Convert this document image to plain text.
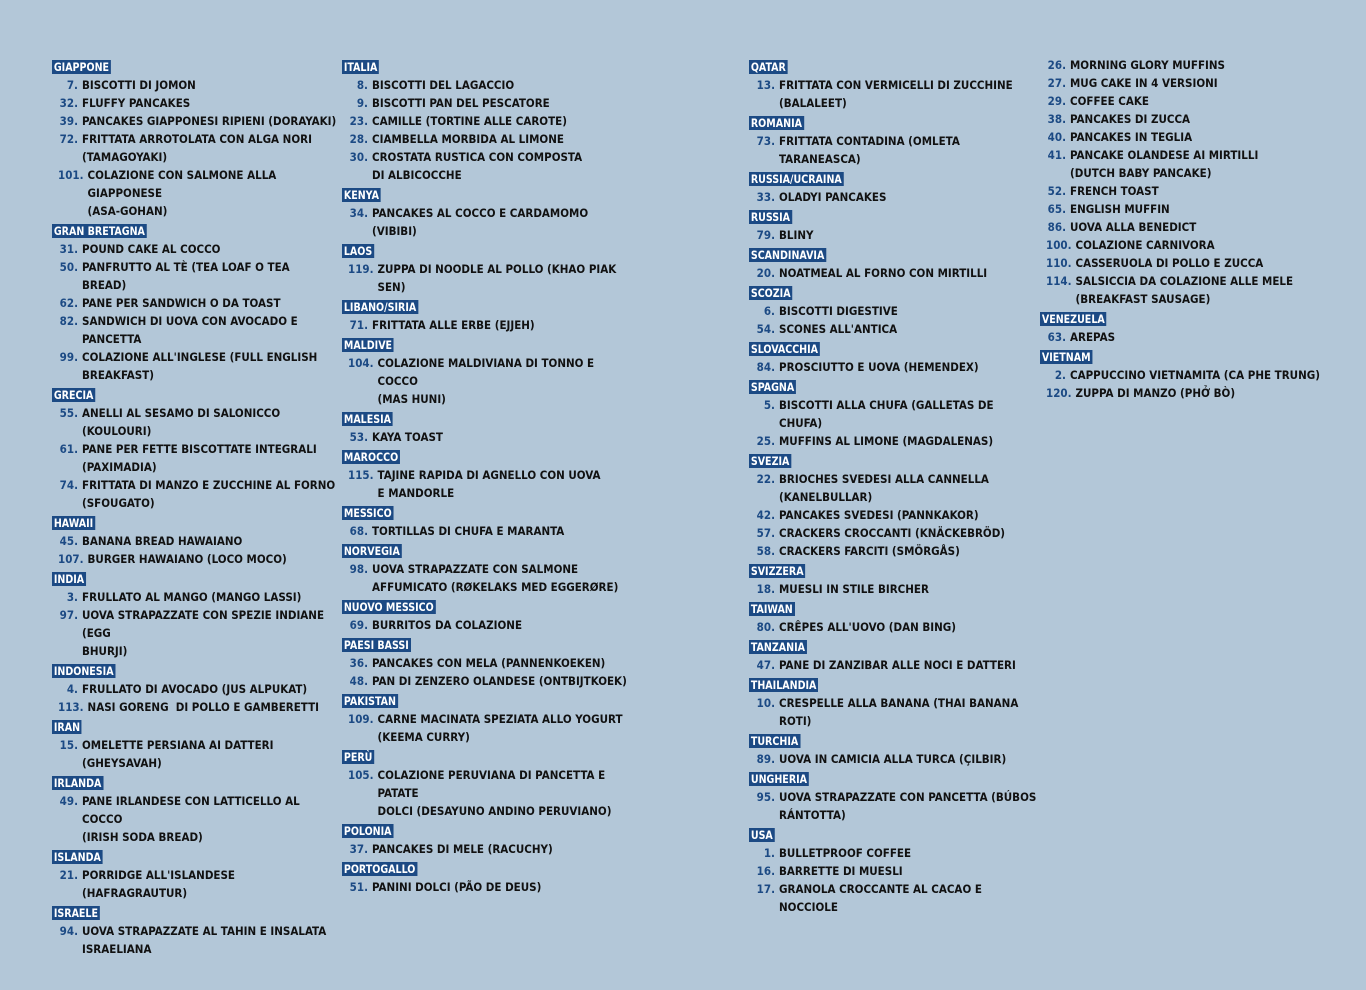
GIAPPONE
7. BISCOTTI DI JOMON
32. FLUFFY PANCAKES
39. PANCAKES GIAPPONESI RIPIENI (DORAYAKI)
72. FRITTATA ARROTOLATA CON ALGA NORI
(TAMAGOYAKI)
101. COLAZIONE CON SALMONE ALLA GIAPPONESE
(ASA-GOHAN)
GRAN BRETAGNA
31. POUND CAKE AL COCCO
50. PANFRUTTO AL TÈ (TEA LOAF O TEA BREAD)
62. PANE PER SANDWICH O DA TOAST
82. SANDWICH DI UOVA CON AVOCADO E PANCETTA
99. COLAZIONE ALL'INGLESE (FULL ENGLISH
BREAKFAST)
GRECIA
55. ANELLI AL SESAMO DI SALONICCO (KOULOURI)
61. PANE PER FETTE BISCOTTATE INTEGRALI
(PAXIMADIA)
74. FRITTATA DI MANZO E ZUCCHINE AL FORNO
(SFOUGATO)
HAWAII
45. BANANA BREAD HAWAIANO
107. BURGER HAWAIANO (LOCO MOCO)
INDIA
3. FRULLATO AL MANGO (MANGO LASSI)
97. UOVA STRAPAZZATE CON SPEZIE INDIANE (EGG
BHURJI)
INDONESIA
4. FRULLATO DI AVOCADO (JUS ALPUKAT)
113. NASI GORENG  DI POLLO E GAMBERETTI
IRAN
15. OMELETTE PERSIANA AI DATTERI (GHEYSAVAH)
IRLANDA
49. PANE IRLANDESE CON LATTICELLO AL COCCO
(IRISH SODA BREAD)
ISLANDA
21. PORRIDGE ALL'ISLANDESE (HAFRAGRAUTUR)
ISRAELE
94. UOVA STRAPAZZATE AL TAHIN E INSALATA
ISRAELIANA
ITALIA
8. BISCOTTI DEL LAGACCIO
9. BISCOTTI PAN DEL PESCATORE
23. CAMILLE (TORTINE ALLE CAROTE)
28. CIAMBELLA MORBIDA AL LIMONE
30. CROSTATA RUSTICA CON COMPOSTA
DI ALBICOCCHE
KENYA
34. PANCAKES AL COCCO E CARDAMOMO (VIBIBI)
LAOS
119. ZUPPA DI NOODLE AL POLLO (KHAO PIAK SEN)
LIBANO/SIRIA
71. FRITTATA ALLE ERBE (EJJEH)
MALDIVE
104. COLAZIONE MALDIVIANA DI TONNO E COCCO
(MAS HUNI)
MALESIA
53. KAYA TOAST
MAROCCO
115. TAJINE RAPIDA DI AGNELLO CON UOVA
E MANDORLE
MESSICO
68. TORTILLAS DI CHUFA E MARANTA
NORVEGIA
98. UOVA STRAPAZZATE CON SALMONE
AFFUMICATO (RØKELAKS MED EGGERØRE)
NUOVO MESSICO
69. BURRITOS DA COLAZIONE
PAESI BASSI
36. PANCAKES CON MELA (PANNENKOEKEN)
48. PAN DI ZENZERO OLANDESE (ONTBIJTKOEK)
PAKISTAN
109. CARNE MACINATA SPEZIATA ALLO YOGURT
(KEEMA CURRY)
PERÙ
105. COLAZIONE PERUVIANA DI PANCETTA E PATATE
DOLCI (DESAYUNO ANDINO PERUVIANO)
POLONIA
37. PANCAKES DI MELE (RACUCHY)
PORTOGALLO
51. PANINI DOLCI (PÃO DE DEUS)
QATAR
13. FRITTATA CON VERMICELLI DI ZUCCHINE
(BALALEET)
ROMANIA
73. FRITTATA CONTADINA (OMLETA TARANEASCA)
RUSSIA/UCRAINA
33. OLADYI PANCAKES
RUSSIA
79. BLINY
SCANDINAVIA
20. NOATMEAL AL FORNO CON MIRTILLI
SCOZIA
6. BISCOTTI DIGESTIVE
54. SCONES ALL'ANTICA
SLOVACCHIA
84. PROSCIUTTO E UOVA (HEMENDEX)
SPAGNA
5. BISCOTTI ALLA CHUFA (GALLETAS DE CHUFA)
25. MUFFINS AL LIMONE (MAGDALENAS)
SVEZIA
22. BRIOCHES SVEDESI ALLA CANNELLA
(KANELBULLAR)
42. PANCAKES SVEDESI (PANNKAKOR)
57. CRACKERS CROCCANTI (KNÄCKEBRÖD)
58. CRACKERS FARCITI (SMÖRGÅS)
SVIZZERA
18. MUESLI IN STILE BIRCHER
TAIWAN
80. CRÊPES ALL'UOVO (DAN BING)
TANZANIA
47. PANE DI ZANZIBAR ALLE NOCI E DATTERI
THAILANDIA
10. CRESPELLE ALLA BANANA (THAI BANANA ROTI)
TURCHIA
89. UOVA IN CAMICIA ALLA TURCA (ÇILBIR)
UNGHERIA
95. UOVA STRAPAZZATE CON PANCETTA (BÚBOS
RÁNTOTTA)
USA
1. BULLETPROOF COFFEE
16. BARRETTE DI MUESLI
17. GRANOLA CROCCANTE AL CACAO E NOCCIOLE
26. MORNING GLORY MUFFINS
27. MUG CAKE IN 4 VERSIONI
29. COFFEE CAKE
38. PANCAKES DI ZUCCA
40. PANCAKES IN TEGLIA
41. PANCAKE OLANDESE AI MIRTILLI
(DUTCH BABY PANCAKE)
52. FRENCH TOAST
65. ENGLISH MUFFIN
86. UOVA ALLA BENEDICT
100. COLAZIONE CARNIVORA
110. CASSERUOLA DI POLLO E ZUCCA
114. SALSICCIA DA COLAZIONE ALLE MELE
(BREAKFAST SAUSAGE)
VENEZUELA
63. AREPAS
VIETNAM
2. CAPPUCCINO VIETNAMITA (CA PHE TRUNG)
120. ZUPPA DI MANZO (PHỞ BÒ)
